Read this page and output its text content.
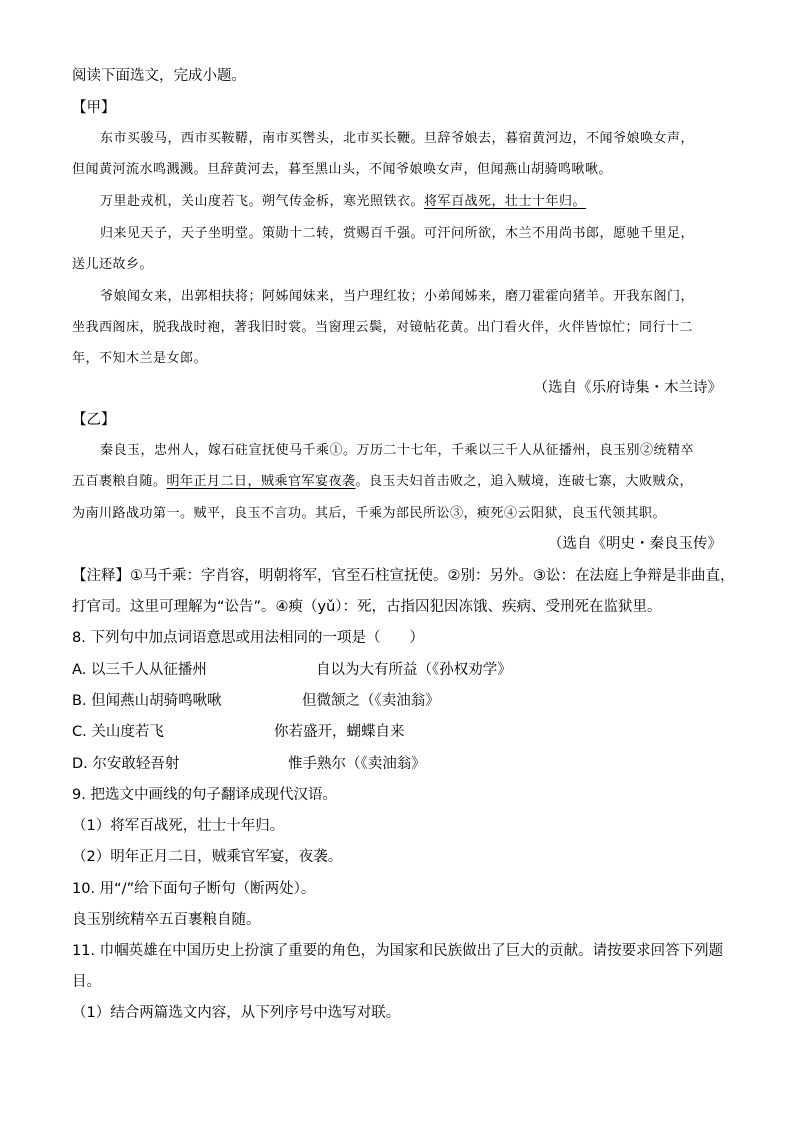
阅读下面选文，完成小题。
【甲】
东市买骏马，西市买鞍鞯，南市买辔头，北市买长鞭。旦辞爷娘去，暮宿黄河边，不闻爷娘唤女声，
但闻黄河流水鸣溅溅。旦辞黄河去，暮至黑山头，不闻爷娘唤女声，但闻燕山胡骑鸣啾啾。
万里赴戎机，关山度若飞。朔气传金柝，寒光照铁衣。将军百战死，壮士十年归。
归来见天子，天子坐明堂。策勋十二转，赏赐百千强。可汗问所欲，木兰不用尚书郎，愿驰千里足，
送儿还故乡。
爷娘闻女来，出郭相扶将；阿姊闻妹来，当户理红妆；小弟闻姊来，磨刀霍霍向猪羊。开我东阁门，
坐我西阁床，脱我战时袍，著我旧时裳。当窗理云鬓，对镜帖花黄。出门看火伴，火伴皆惊忙；同行十二
年，不知木兰是女郎。
（选自《乐府诗集・木兰诗》
【乙】
秦良玉，忠州人，嫁石砫宣抚使马千乘①。万历二十七年，千乘以三千人从征播州，良玉别②统精卒
五百裹粮自随。明年正月二日，贼乘官军宴夜袭。良玉夫妇首击败之，追入贼境，连破七寨，大败贼众，
为南川路战功第一。贼平，良玉不言功。其后，千乘为部民所讼③，瘐死④云阳狱，良玉代领其职。
（选自《明史・秦良玉传》
【注释】①马千乘：字肖容，明朝将军，官至石柱宣抚使。②别：另外。③讼：在法庭上争辩是非曲直，
打官司。这里可理解为“讼告”。④瘐（yǔ）：死，古指囚犯因冻饿、疾病、受刑死在监狱里。
8. 下列句中加点词语意思或用法相同的一项是（　　）
A. 以三千人从征播州	自以为大有所益（《孙权劝学》
B. 但闻燕山胡骑鸣啾啾	但微颔之（《卖油翁》
C. 关山度若飞	你若盛开，蝴蝶自来
D. 尔安敢轻吾射	惟手熟尔（《卖油翁》
9. 把选文中画线的句子翻译成现代汉语。
（1）将军百战死，壮士十年归。
（2）明年正月二日，贼乘官军宴，夜袭。
10. 用“/”给下面句子断句（断两处）。
良玉别统精卒五百裹粮自随。
11. 巾帼英雄在中国历史上扮演了重要的角色，为国家和民族做出了巨大的贡献。请按要求回答下列题
目。
（1）结合两篇选文内容，从下列序号中选写对联。
